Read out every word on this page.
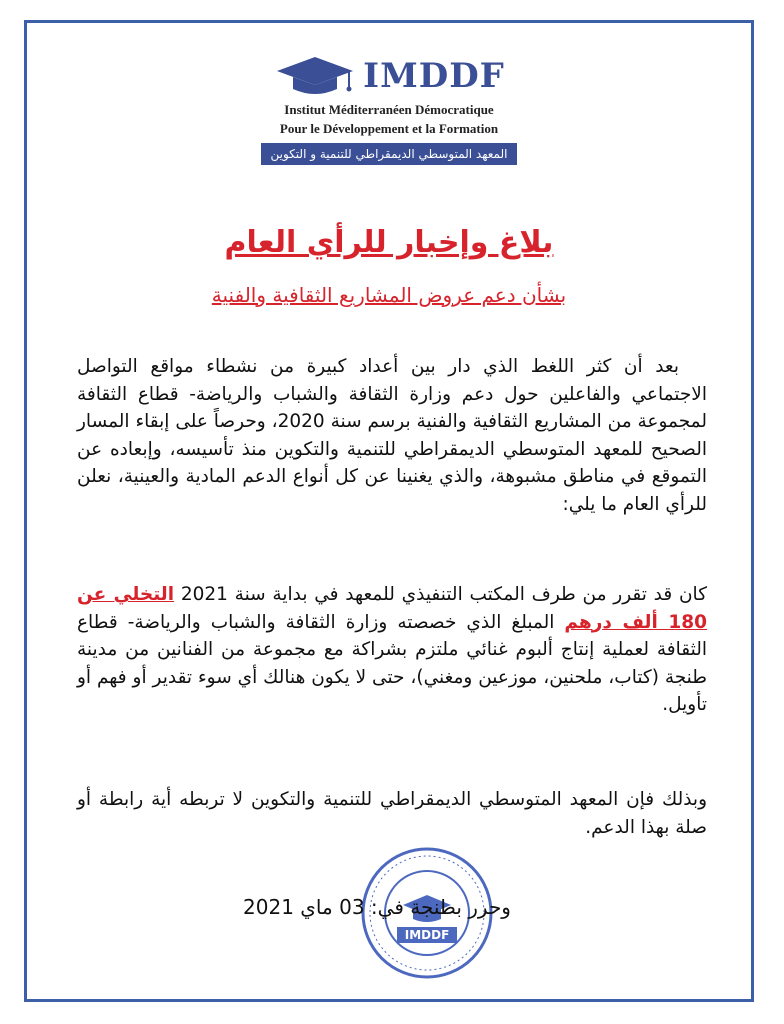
IMDDF
Institut Méditerranéen Démocratique
Pour le Développement et la Formation
المعهد المتوسطي الديمقراطي للتنمية و التكوين
بلاغ وإخبار للرأي العام
بشأن دعم عروض المشاريع الثقافية والفنية
بعد أن كثر اللغط الذي دار بين أعداد كبيرة من نشطاء مواقع التواصل الاجتماعي والفاعلين حول دعم وزارة الثقافة والشباب والرياضة- قطاع الثقافة لمجموعة من المشاريع الثقافية والفنية برسم سنة 2020، وحرصاً على إبقاء المسار الصحيح للمعهد المتوسطي الديمقراطي للتنمية والتكوين منذ تأسيسه، وإبعاده عن التموقع في مناطق مشبوهة، والذي يغنينا عن كل أنواع الدعم المادية والعينية، نعلن للرأي العام ما يلي:
كان قد تقرر من طرف المكتب التنفيذي للمعهد في بداية سنة 2021 التخلي عن 180 ألف درهم المبلغ الذي خصصته وزارة الثقافة والشباب والرياضة- قطاع الثقافة لعملية إنتاج ألبوم غنائي ملتزم بشراكة مع مجموعة من الفنانين من مدينة طنجة (كتاب، ملحنين، موزعين ومغني)، حتى لا يكون هنالك أي سوء تقدير أو فهم أو تأويل.
وبذلك فإن المعهد المتوسطي الديمقراطي للتنمية والتكوين لا تربطه أية رابطة أو صلة بهذا الدعم.
IMDDF
وحرر بطنجة في: 03 ماي 2021
